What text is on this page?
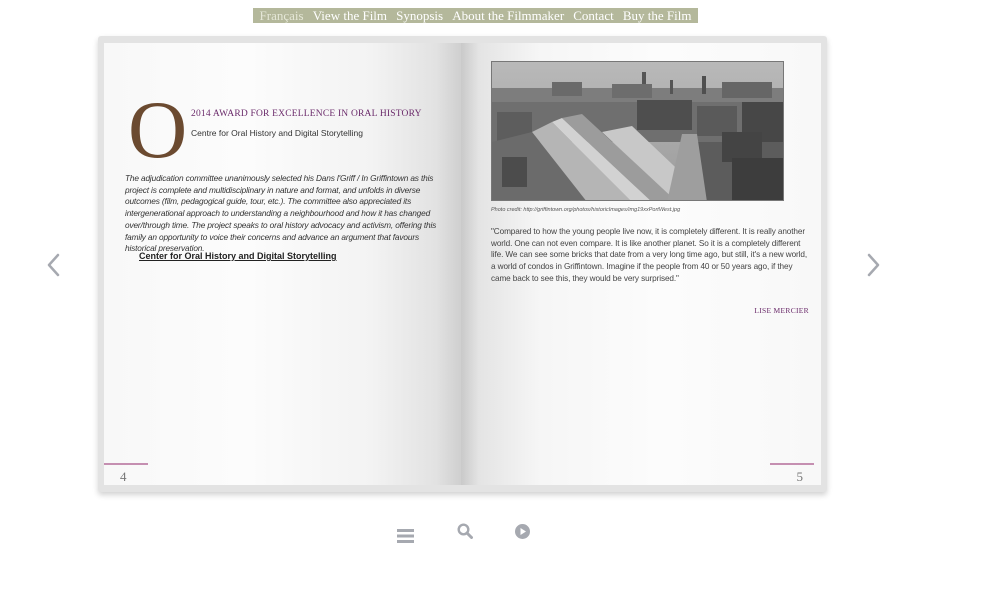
Français View the Film Synopsis About the Filmmaker Contact Buy the Film
O 2014 AWARD FOR EXCELLENCE IN ORAL HISTORY
Centre for Oral History and Digital Storytelling
The adjudication committee unanimously selected his Dans l'Griff / In Griffintown as this project is complete and multidisciplinary in nature and format, and unfolds in diverse outcomes (film, pedagogical guide, tour, etc.). The committee also appreciated its intergenerational approach to understanding a neighbourhood and how it has changed over/through time. The project speaks to oral history advocacy and activism, offering this family an opportunity to voice their concerns and advance an argument that favours historical preservation.
Center for Oral History and Digital Storytelling
4
Photo credit: http://griffintown.org/photos/historicImages/img19xxPortWest.jpg
"Compared to how the young people live now, it is completely different. It is really another world. One can not even compare. It is like another planet. So it is a completely different life. We can see some bricks that date from a very long time ago, but still, it's a new world, a world of condos in Griffintown. Imagine if the people from 40 or 50 years ago, if they came back to see this, they would be very surprised."
LISE MERCIER
5
